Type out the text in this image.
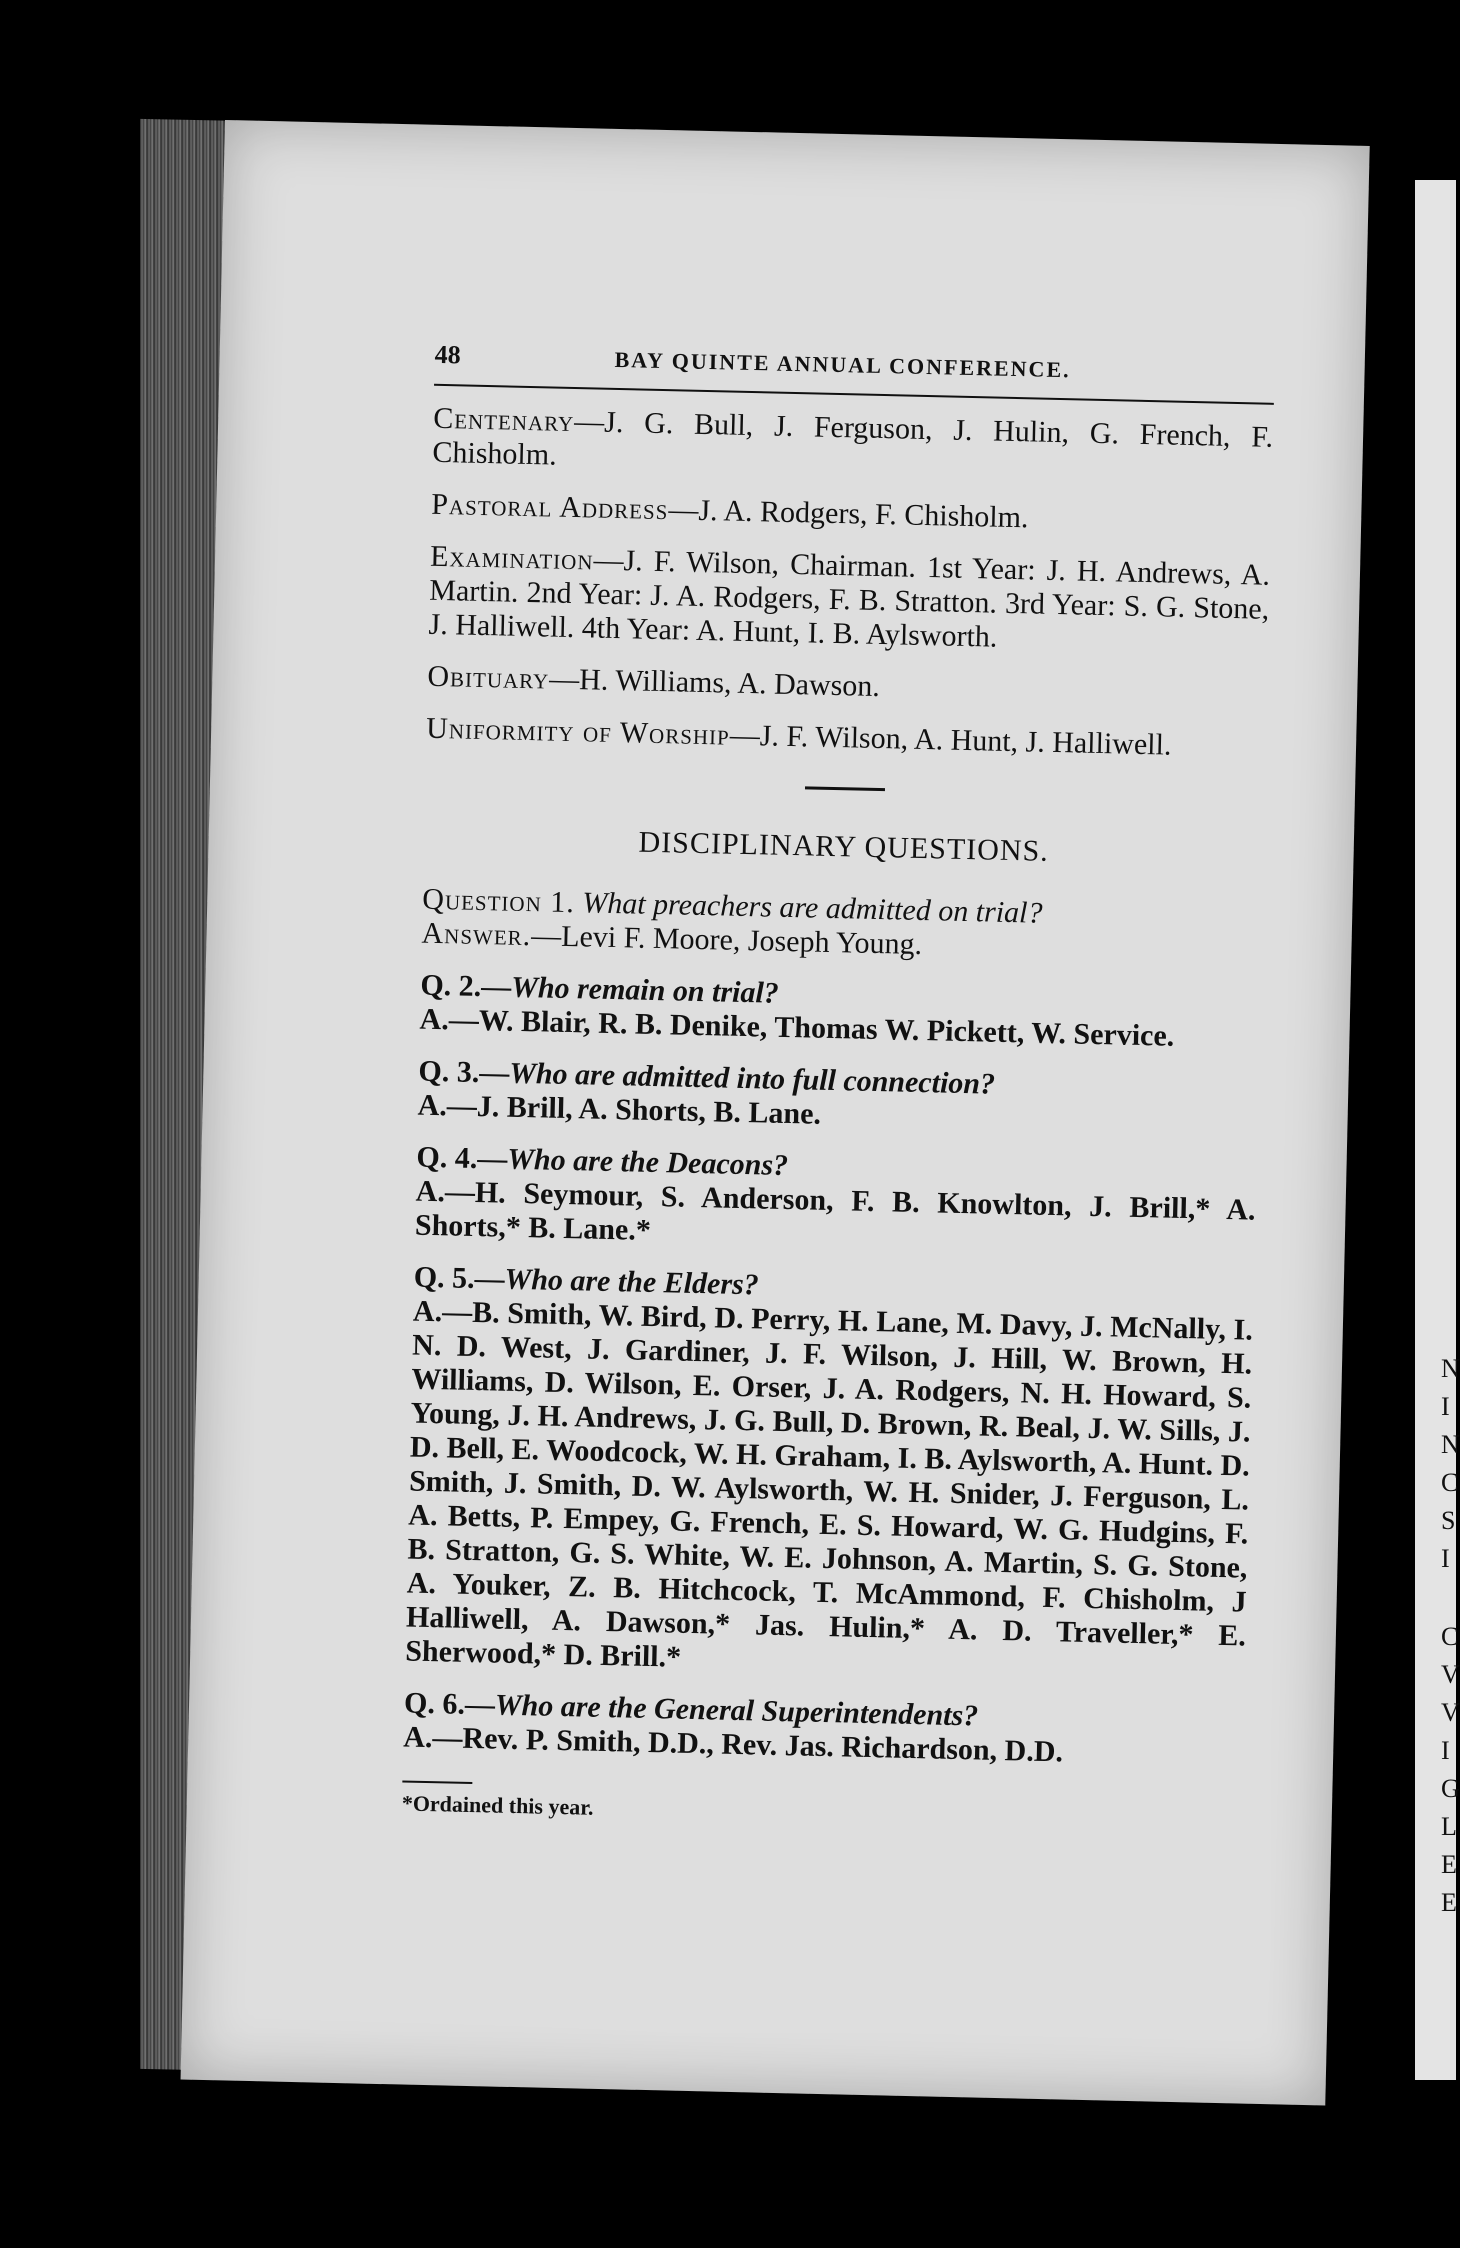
48	BAY QUINTE ANNUAL CONFERENCE.

Centenary—J. G. Bull, J. Ferguson, J. Hulin, G. French, F. Chisholm.

Pastoral Address—J. A. Rodgers, F. Chisholm.

Examination—J. F. Wilson, Chairman. 1st Year: J. H. Andrews, A. Martin. 2nd Year: J. A. Rodgers, F. B. Stratton. 3rd Year: S. G. Stone, J. Halliwell. 4th Year: A. Hunt, I. B. Aylsworth.

Obituary—H. Williams, A. Dawson.

Uniformity of Worship—J. F. Wilson, A. Hunt, J. Halliwell.

DISCIPLINARY QUESTIONS.

Question 1. What preachers are admitted on trial?
Answer.—Levi F. Moore, Joseph Young.

Q. 2.—Who remain on trial?
A.—W. Blair, R. B. Denike, Thomas W. Pickett, W. Service.

Q. 3.—Who are admitted into full connection?
A.—J. Brill, A. Shorts, B. Lane.

Q. 4.—Who are the Deacons?
A.—H. Seymour, S. Anderson, F. B. Knowlton, J. Brill,* A. Shorts,* B. Lane.*

Q. 5.—Who are the Elders?
A.—B. Smith, W. Bird, D. Perry, H. Lane, M. Davy, J. McNally, I. N. D. West, J. Gardiner, J. F. Wilson, J. Hill, W. Brown, H. Williams, D. Wilson, E. Orser, J. A. Rodgers, N. H. Howard, S. Young, J. H. Andrews, J. G. Bull, D. Brown, R. Beal, J. W. Sills, J. D. Bell, E. Woodcock, W. H. Graham, I. B. Aylsworth, A. Hunt. D. Smith, J. Smith, D. W. Aylsworth, W. H. Snider, J. Ferguson, L. A. Betts, P. Empey, G. French, E. S. Howard, W. G. Hudgins, F. B. Stratton, G. S. White, W. E. Johnson, A. Martin, S. G. Stone, A. Youker, Z. B. Hitchcock, T. McAmmond, F. Chisholm, J Halliwell, A. Dawson,* Jas. Hulin,* A. D. Traveller,* E. Sherwood,* D. Brill.*

Q. 6.—Who are the General Superintendents?
A.—Rev. P. Smith, D.D., Rev. Jas. Richardson, D.D.

*Ordained this year.
N
I
N
C
S
I
C
V
V
I
G
L
E
E
